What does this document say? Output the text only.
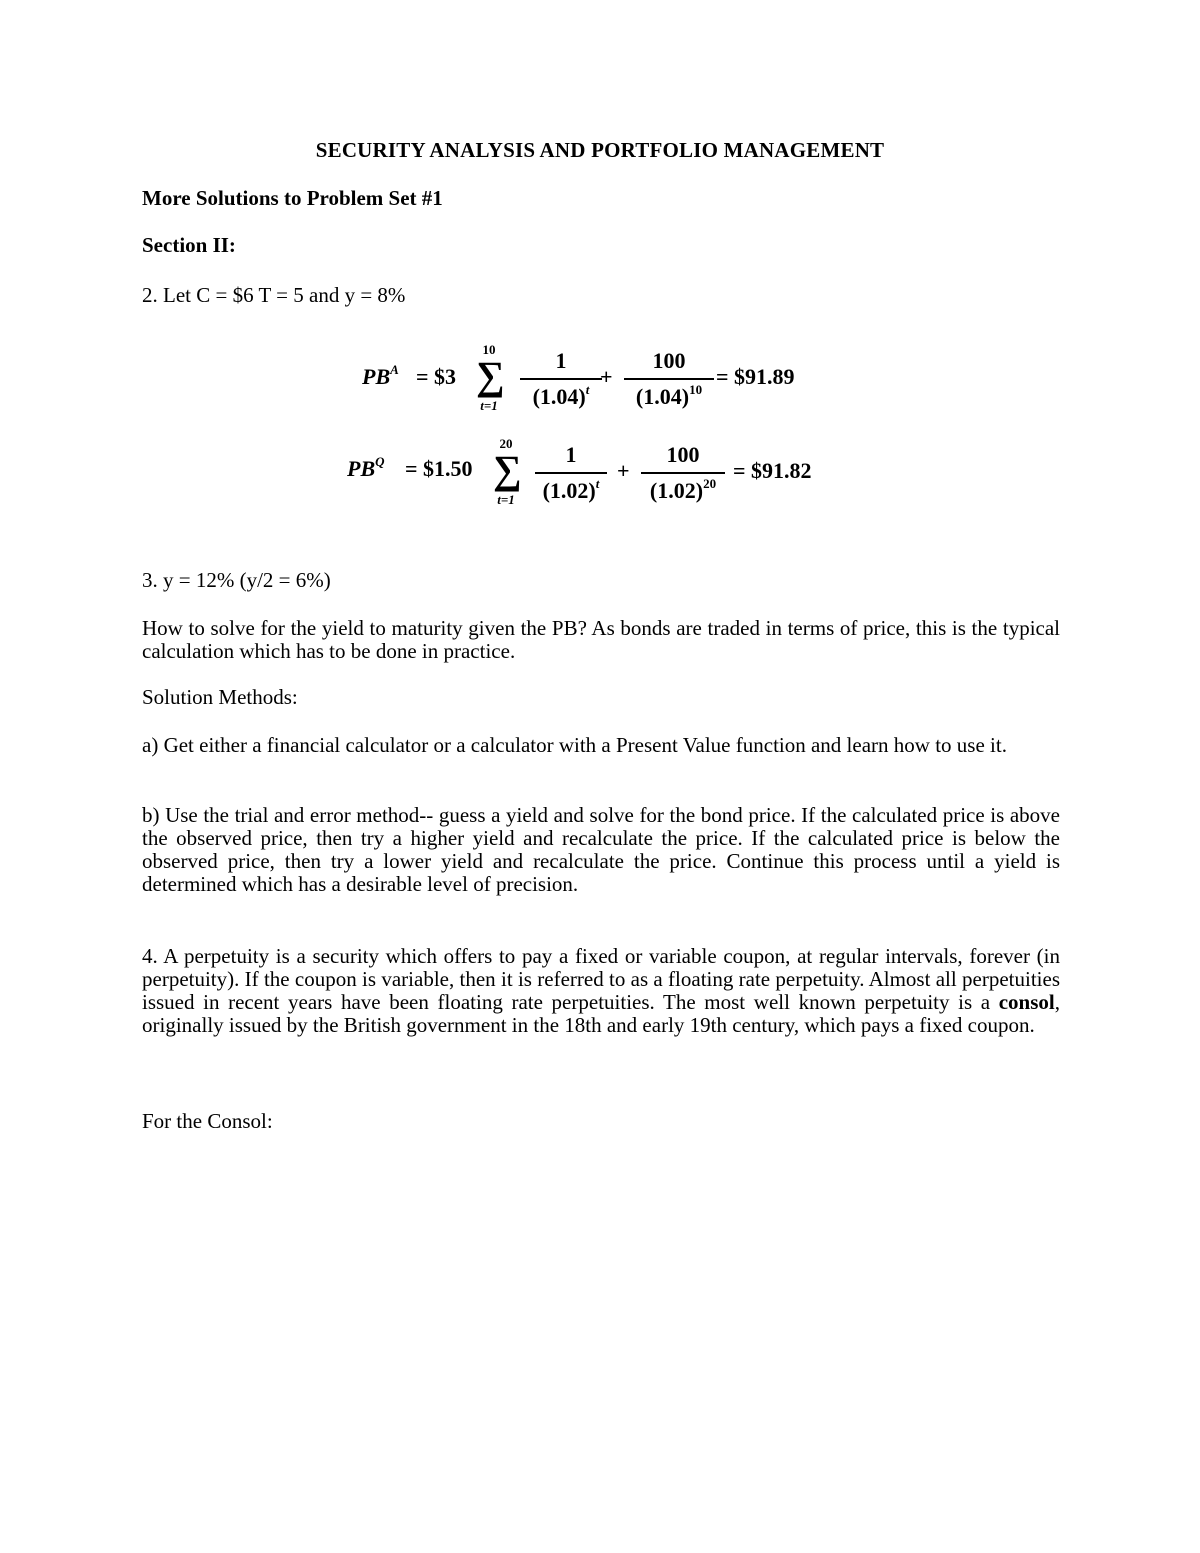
SECURITY ANALYSIS AND PORTFOLIO MANAGEMENT
More Solutions to Problem Set #1
Section II:
2. Let C = $6 T = 5 and y = 8%
$PB^A$ = $3
10
∑
t=1
1
$(1.04)^t$
+
100
$(1.04)^{10}$
= $91.89
$PB^Q$ = $1.50
20
∑
t=1
1
$(1.02)^t$
+
100
$(1.02)^{20}$
= $91.82
3. y = 12% (y/2 = 6%)
How to solve for the yield to maturity given the PB? As bonds are traded in terms of price, this is the typical calculation which has to be done in practice.
Solution Methods:
a) Get either a financial calculator or a calculator with a Present Value function and learn how to use it.
b) Use the trial and error method-- guess a yield and solve for the bond price. If the calculated price is above the observed price, then try a higher yield and recalculate the price. If the calculated price is below the observed price, then try a lower yield and recalculate the price. Continue this process until a yield is determined which has a desirable level of precision.
4. A perpetuity is a security which offers to pay a fixed or variable coupon, at regular intervals, forever (in perpetuity). If the coupon is variable, then it is referred to as a floating rate perpetuity. Almost all perpetuities issued in recent years have been floating rate perpetuities. The most well known perpetuity is a consol, originally issued by the British government in the 18th and early 19th century, which pays a fixed coupon.
For the Consol:
